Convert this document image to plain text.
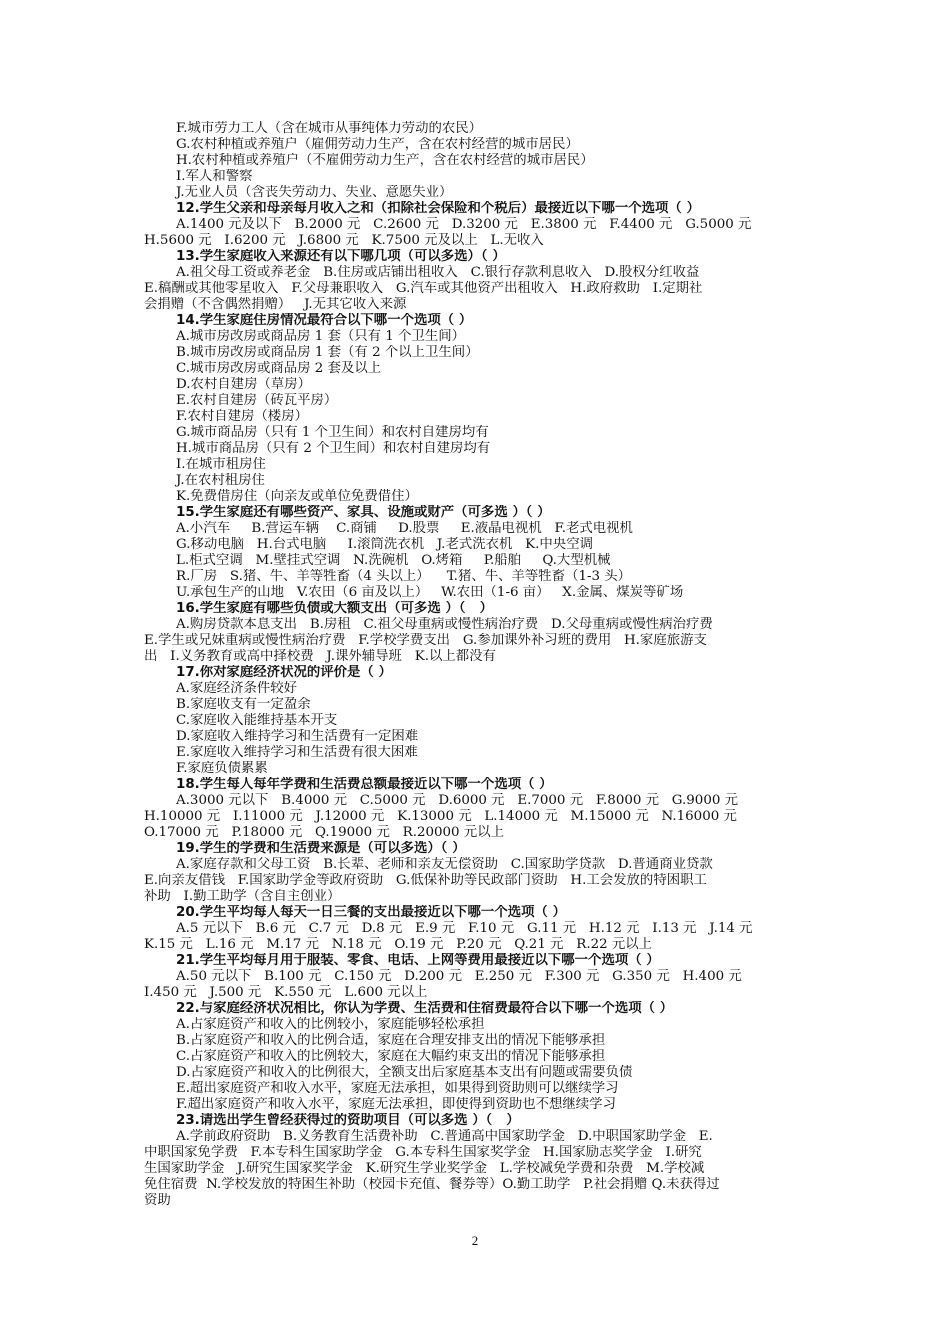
F.城市劳力工人（含在城市从事纯体力劳动的农民）
G.农村种植或养殖户（雇佣劳动力生产，含在农村经营的城市居民）
H.农村种植或养殖户（不雇佣劳动力生产，含在农村经营的城市居民）
I.军人和警察
J.无业人员（含丧失劳动力、失业、意愿失业）
12.学生父亲和母亲每月收入之和（扣除社会保险和个税后）最接近以下哪一个选项（ ）
A.1400 元及以下   B.2000 元   C.2600 元   D.3200 元   E.3800 元   F.4400 元   G.5000 元
H.5600 元   I.6200 元   J.6800 元   K.7500 元及以上   L.无收入
13.学生家庭收入来源还有以下哪几项（可以多选）（ ）
A.祖父母工资或养老金   B.住房或店铺出租收入   C.银行存款利息收入   D.股权分红收益
E.稿酬或其他零星收入   F.父母兼职收入   G.汽车或其他资产出租收入   H.政府救助   I.定期社
会捐赠（不含偶然捐赠）   J.无其它收入来源
14.学生家庭住房情况最符合以下哪一个选项（ ）
A.城市房改房或商品房 1 套（只有 1 个卫生间）
B.城市房改房或商品房 1 套（有 2 个以上卫生间）
C.城市房改房或商品房 2 套及以上
D.农村自建房（草房）
E.农村自建房（砖瓦平房）
F.农村自建房（楼房）
G.城市商品房（只有 1 个卫生间）和农村自建房均有
H.城市商品房（只有 2 个卫生间）和农村自建房均有
I.在城市租房住
J.在农村租房住
K.免费借房住（向亲友或单位免费借住）
15.学生家庭还有哪些资产、家具、设施或财产（可多选 ）（ ）
A.小汽车     B.营运车辆    C.商铺     D.股票     E.液晶电视机   F.老式电视机
G.移动电脑   H.台式电脑     I.滚筒洗衣机   J.老式洗衣机   K.中央空调
L.柜式空调   M.壁挂式空调   N.洗碗机   O.烤箱     P.船舶     Q.大型机械
R.厂房   S.猪、牛、羊等牲畜（4 头以上）    T.猪、牛、羊等牲畜（1-3 头）
U.承包生产的山地   V.农田（6 亩及以上）   W.农田（1-6 亩）   X.金属、煤炭等矿场
16.学生家庭有哪些负债或大额支出（可多选 ）（   ）
A.购房贷款本息支出   B.房租   C.祖父母重病或慢性病治疗费   D.父母重病或慢性病治疗费
E.学生或兄妹重病或慢性病治疗费   F.学校学费支出   G.参加课外补习班的费用   H.家庭旅游支
出   I.义务教育或高中择校费   J.课外辅导班   K.以上都没有
17.你对家庭经济状况的评价是（ ）
A.家庭经济条件较好
B.家庭收支有一定盈余
C.家庭收入能维持基本开支
D.家庭收入维持学习和生活费有一定困难
E.家庭收入维持学习和生活费有很大困难
F.家庭负债累累
18.学生每人每年学费和生活费总额最接近以下哪一个选项（ ）
A.3000 元以下   B.4000 元   C.5000 元   D.6000 元   E.7000 元   F.8000 元   G.9000 元
H.10000 元   I.11000 元   J.12000 元   K.13000 元   L.14000 元   M.15000 元   N.16000 元
O.17000 元   P.18000 元   Q.19000 元   R.20000 元以上
19.学生的学费和生活费来源是（可以多选）（ ）
A.家庭存款和父母工资   B.长辈、老师和亲友无偿资助   C.国家助学贷款   D.普通商业贷款
E.向亲友借钱   F.国家助学金等政府资助   G.低保补助等民政部门资助   H.工会发放的特困职工
补助   I.勤工助学（含自主创业）
20.学生平均每人每天一日三餐的支出最接近以下哪一个选项（ ）
A.5 元以下   B.6 元   C.7 元   D.8 元   E.9 元   F.10 元   G.11 元   H.12 元   I.13 元   J.14 元
K.15 元   L.16 元   M.17 元   N.18 元   O.19 元   P.20 元   Q.21 元   R.22 元以上
21.学生平均每月用于服装、零食、电话、上网等费用最接近以下哪一个选项（ ）
A.50 元以下   B.100 元   C.150 元   D.200 元   E.250 元   F.300 元   G.350 元   H.400 元
I.450 元   J.500 元   K.550 元   L.600 元以上
22.与家庭经济状况相比，你认为学费、生活费和住宿费最符合以下哪一个选项（ ）
A.占家庭资产和收入的比例较小，家庭能够轻松承担
B.占家庭资产和收入的比例合适，家庭在合理安排支出的情况下能够承担
C.占家庭资产和收入的比例较大，家庭在大幅约束支出的情况下能够承担
D.占家庭资产和收入的比例很大，全额支出后家庭基本支出有问题或需要负债
E.超出家庭资产和收入水平，家庭无法承担，如果得到资助则可以继续学习
F.超出家庭资产和收入水平，家庭无法承担，即使得到资助也不想继续学习
23.请选出学生曾经获得过的资助项目（可以多选 ）（   ）
A.学前政府资助   B.义务教育生活费补助   C.普通高中国家助学金   D.中职国家助学金   E.
中职国家免学费   F.本专科生国家助学金   G.本专科生国家奖学金   H.国家励志奖学金   I.研究
生国家助学金   J.研究生国家奖学金   K.研究生学业奖学金   L.学校减免学费和杂费   M.学校减
免住宿费  N.学校发放的特困生补助（校园卡充值、餐券等）O.勤工助学   P.社会捐赠 Q.未获得过
资助
2
